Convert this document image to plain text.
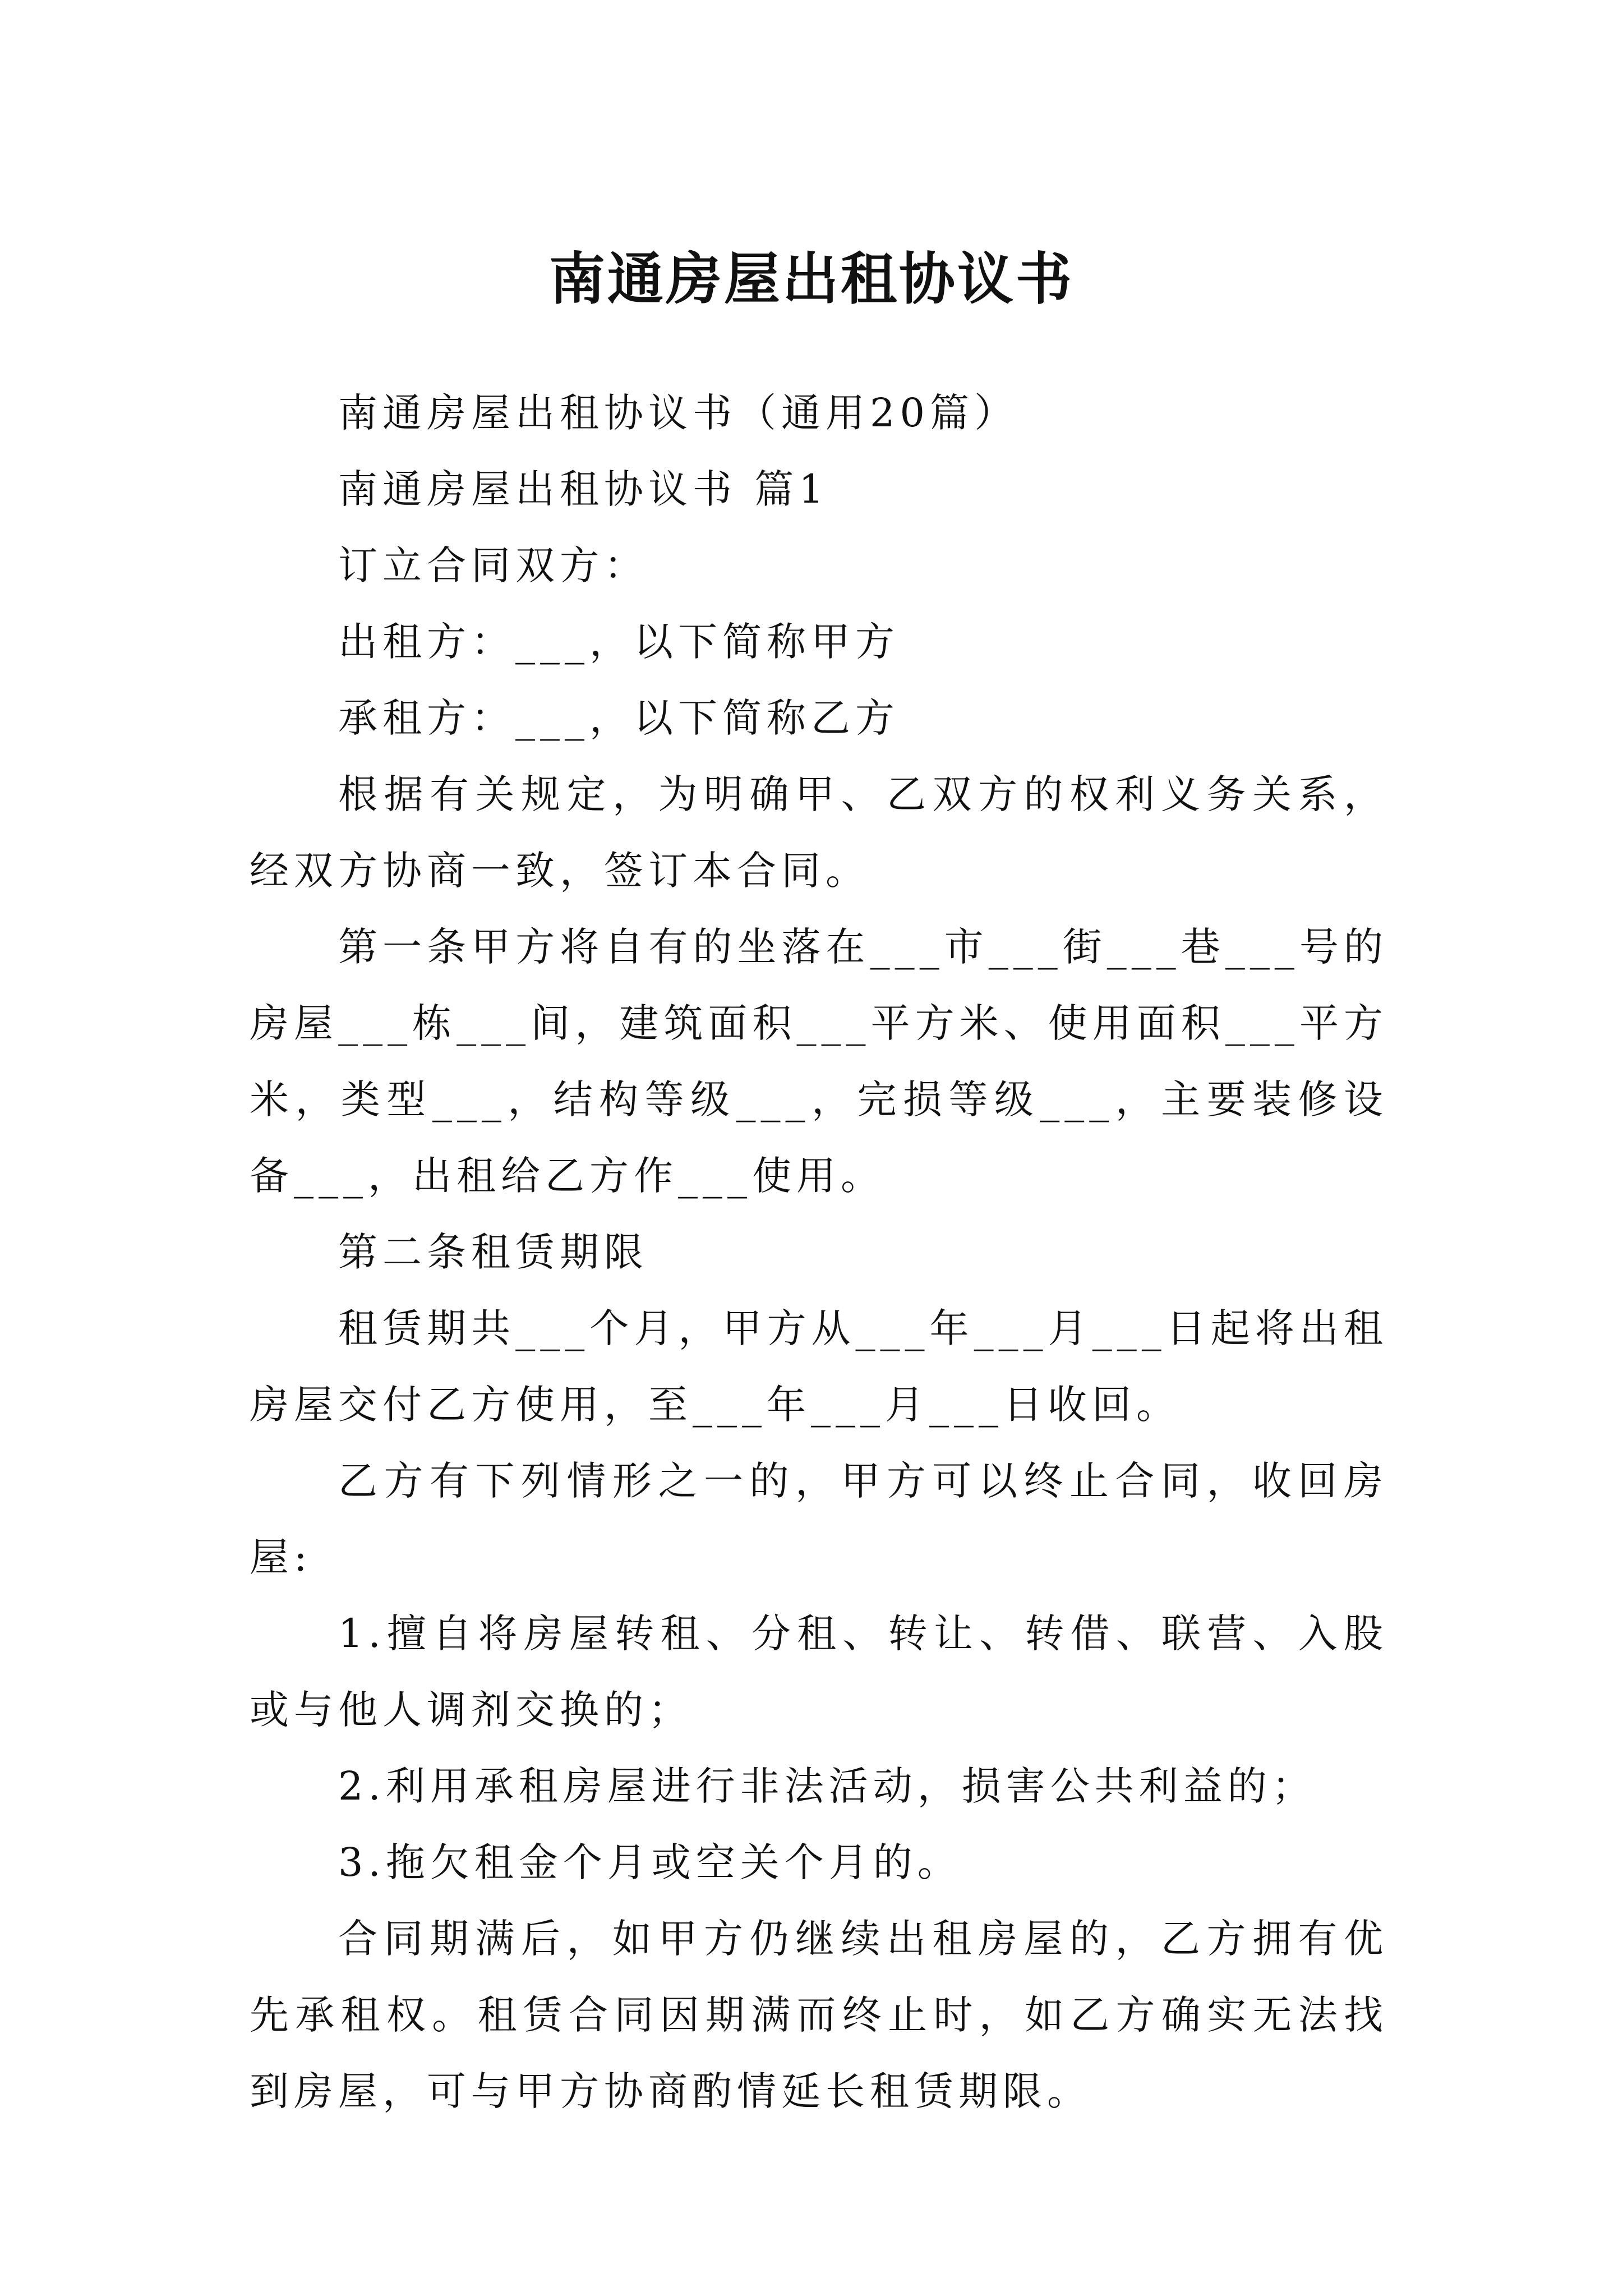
南通房屋出租协议书

南通房屋出租协议书（通用20篇）

南通房屋出租协议书 篇1

订立合同双方：

出租方：___，以下简称甲方

承租方：___，以下简称乙方

根据有关规定，为明确甲、乙双方的权利义务关系，经双方协商一致，签订本合同。

第一条甲方将自有的坐落在___市___街___巷___号的房屋___栋___间，建筑面积___平方米、使用面积___平方米，类型___，结构等级___，完损等级___，主要装修设备___，出租给乙方作___使用。

第二条租赁期限

租赁期共___个月，甲方从___年___月___日起将出租房屋交付乙方使用，至___年___月___日收回。

乙方有下列情形之一的，甲方可以终止合同，收回房屋:

1.擅自将房屋转租、分租、转让、转借、联营、入股或与他人调剂交换的；

2.利用承租房屋进行非法活动，损害公共利益的；

3.拖欠租金个月或空关个月的。

合同期满后，如甲方仍继续出租房屋的，乙方拥有优先承租权。租赁合同因期满而终止时，如乙方确实无法找到房屋，可与甲方协商酌情延长租赁期限。
